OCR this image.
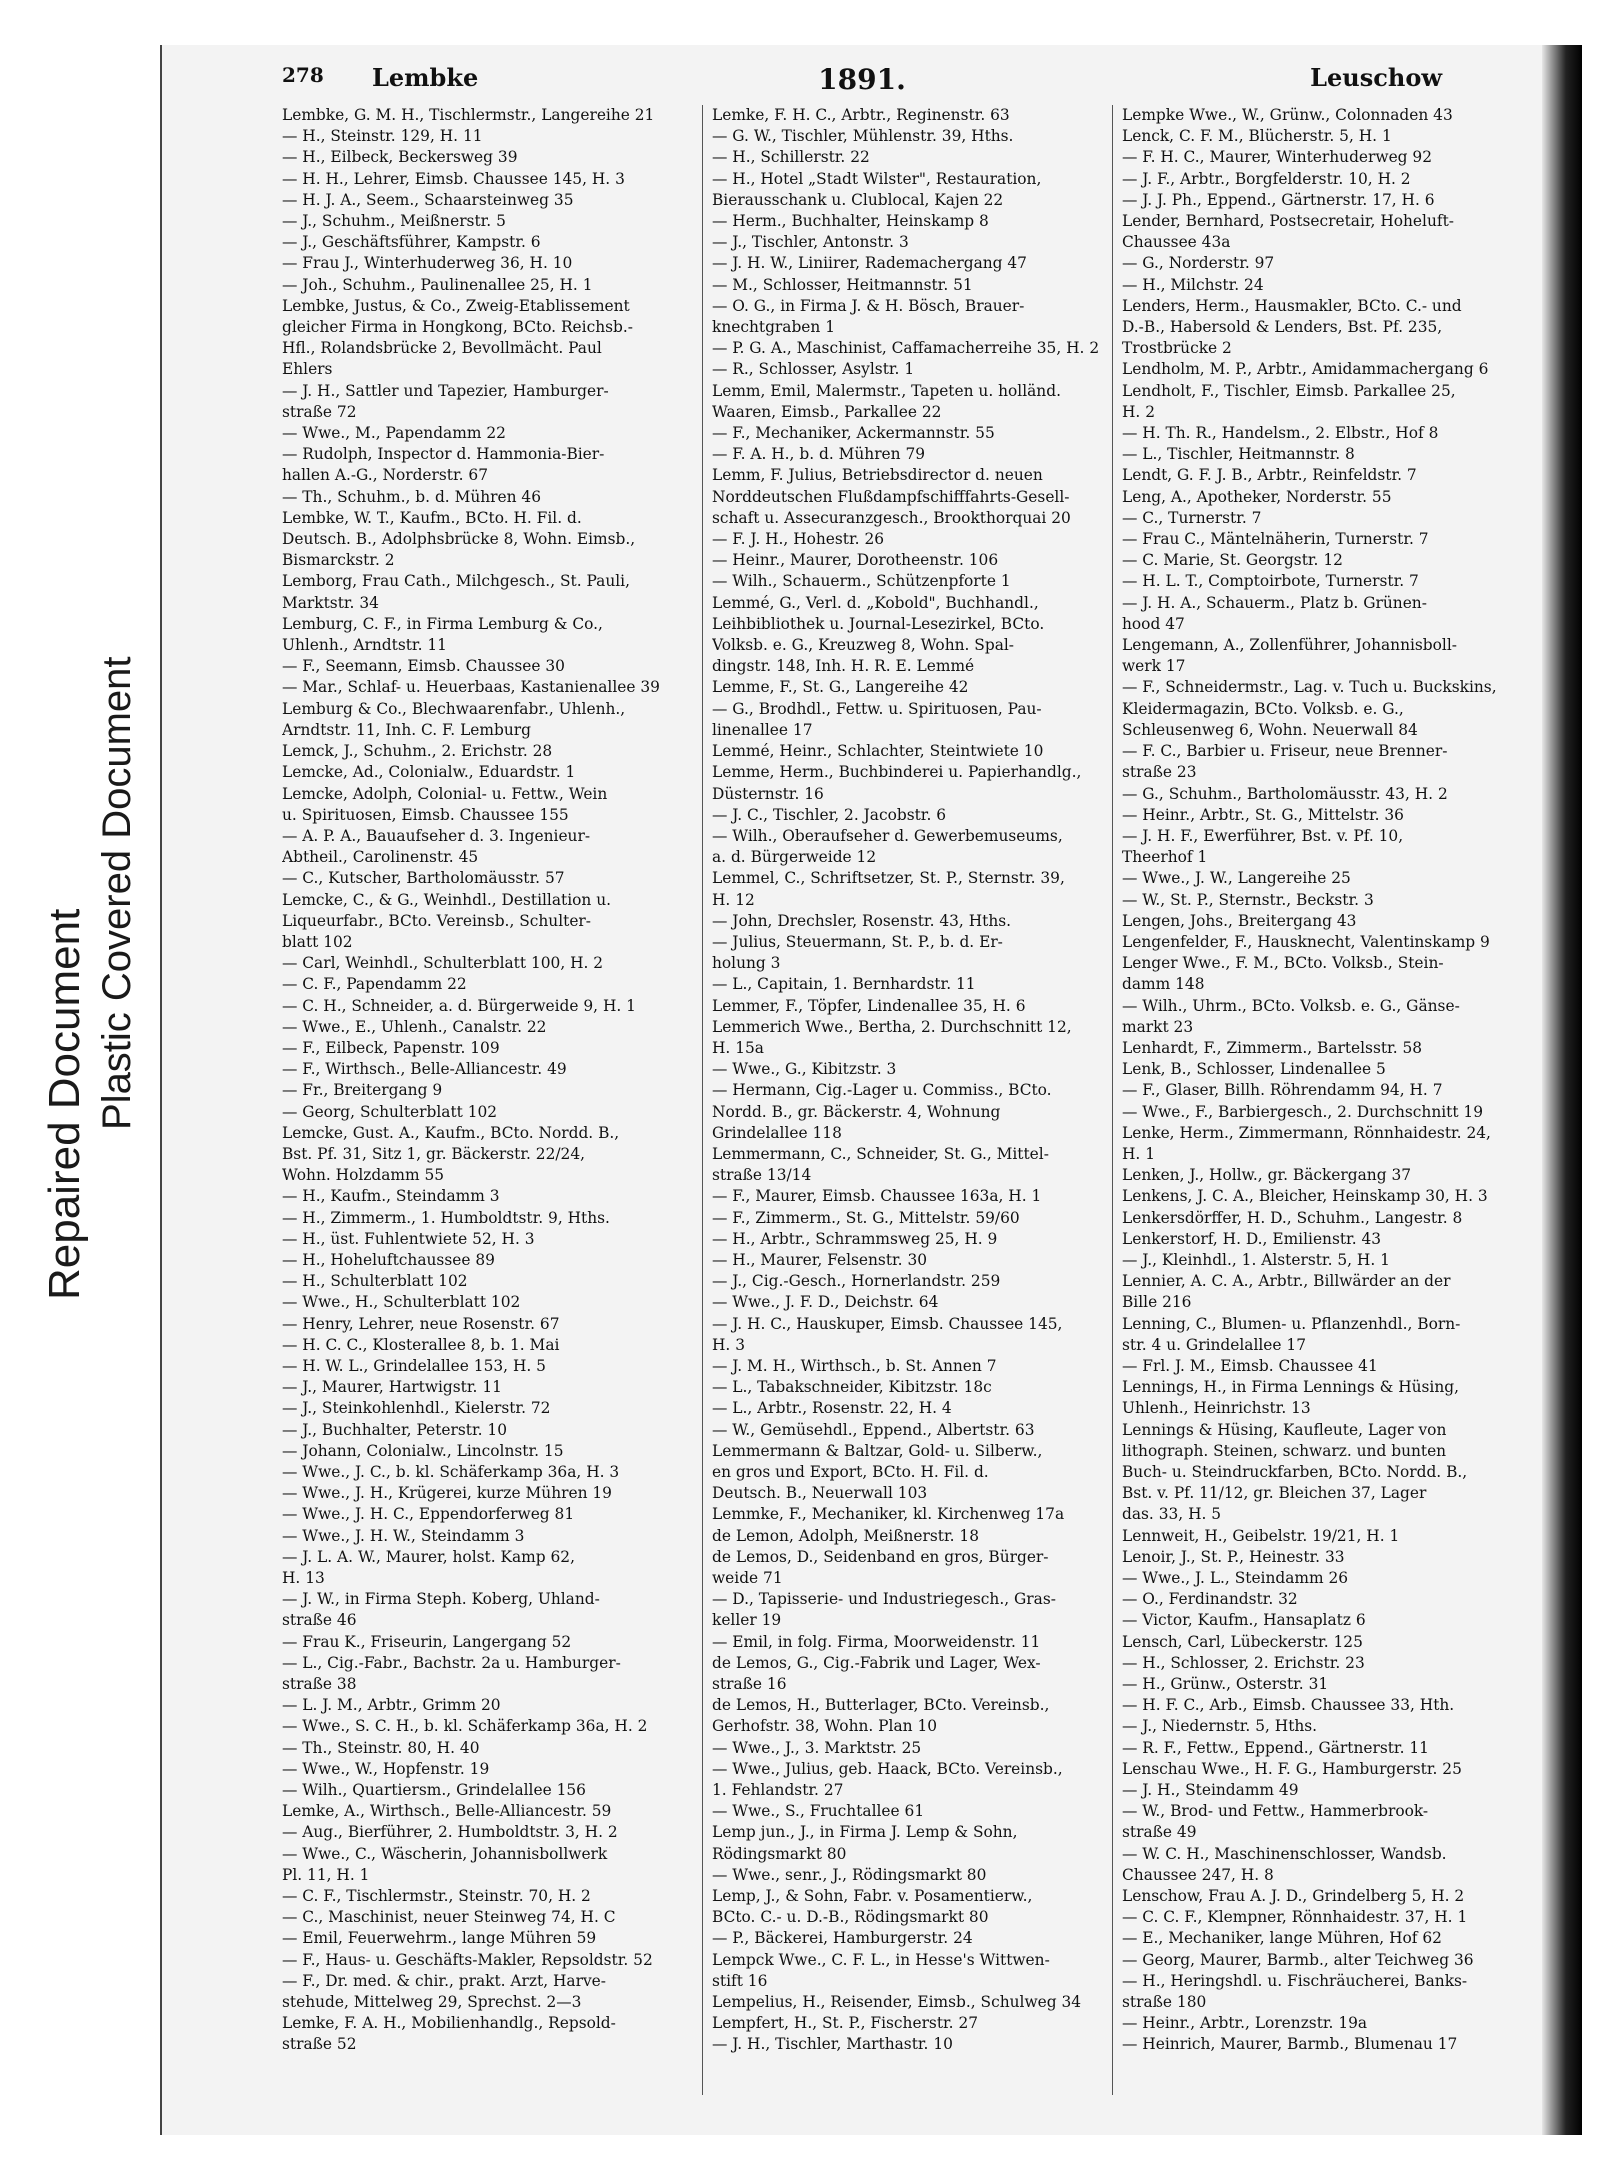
Repaired Document Plastic Covered Document
278 Lembke	1891.	Leuschow
Lembke, G. M. H., Tischlermstr., Langereihe 21
— H., Steinstr. 129, H. 11
— H., Eilbeck, Beckersweg 39
— H. H., Lehrer, Eimsb. Chaussee 145, H. 3
— H. J. A., Seem., Schaarsteinweg 35
— J., Schuhm., Meißnerstr. 5
— J., Geschäftsführer, Kampstr. 6
— Frau J., Winterhuderweg 36, H. 10
— Joh., Schuhm., Paulinenallee 25, H. 1
Lembke, Justus, & Co., Zweig-Etablissement
gleicher Firma in Hongkong, BCto. Reichsb.-
Hfl., Rolandsbrücke 2, Bevollmächt. Paul
Ehlers
— J. H., Sattler und Tapezier, Hamburger-
straße 72
— Wwe., M., Papendamm 22
— Rudolph, Inspector d. Hammonia-Bier-
hallen A.-G., Norderstr. 67
— Th., Schuhm., b. d. Mühren 46
Lembke, W. T., Kaufm., BCto. H. Fil. d.
Deutsch. B., Adolphsbrücke 8, Wohn. Eimsb.,
Bismarckstr. 2
Lemborg, Frau Cath., Milchgesch., St. Pauli,
Marktstr. 34
Lemburg, C. F., in Firma Lemburg & Co.,
Uhlenh., Arndtstr. 11
— F., Seemann, Eimsb. Chaussee 30
— Mar., Schlaf- u. Heuerbaas, Kastanienallee 39
Lemburg & Co., Blechwaarenfabr., Uhlenh.,
Arndtstr. 11, Inh. C. F. Lemburg
Lemck, J., Schuhm., 2. Erichstr. 28
Lemcke, Ad., Colonialw., Eduardstr. 1
Lemcke, Adolph, Colonial- u. Fettw., Wein
u. Spirituosen, Eimsb. Chaussee 155
— A. P. A., Bauaufseher d. 3. Ingenieur-
Abtheil., Carolinenstr. 45
— C., Kutscher, Bartholomäusstr. 57
Lemcke, C., & G., Weinhdl., Destillation u.
Liqueurfabr., BCto. Vereinsb., Schulter-
blatt 102
— Carl, Weinhdl., Schulterblatt 100, H. 2
— C. F., Papendamm 22
— C. H., Schneider, a. d. Bürgerweide 9, H. 1
— Wwe., E., Uhlenh., Canalstr. 22
— F., Eilbeck, Papenstr. 109
— F., Wirthsch., Belle-Alliancestr. 49
— Fr., Breitergang 9
— Georg, Schulterblatt 102
Lemcke, Gust. A., Kaufm., BCto. Nordd. B.,
Bst. Pf. 31, Sitz 1, gr. Bäckerstr. 22/24,
Wohn. Holzdamm 55
— H., Kaufm., Steindamm 3
— H., Zimmerm., 1. Humboldtstr. 9, Hths.
— H., üst. Fuhlentwiete 52, H. 3
— H., Hoheluftchaussee 89
— H., Schulterblatt 102
— Wwe., H., Schulterblatt 102
— Henry, Lehrer, neue Rosenstr. 67
— H. C. C., Klosterallee 8, b. 1. Mai
— H. W. L., Grindelallee 153, H. 5
— J., Maurer, Hartwigstr. 11
— J., Steinkohlenhdl., Kielerstr. 72
— J., Buchhalter, Peterstr. 10
— Johann, Colonialw., Lincolnstr. 15
— Wwe., J. C., b. kl. Schäferkamp 36a, H. 3
— Wwe., J. H., Krügerei, kurze Mühren 19
— Wwe., J. H. C., Eppendorferweg 81
— Wwe., J. H. W., Steindamm 3
— J. L. A. W., Maurer, holst. Kamp 62,
H. 13
— J. W., in Firma Steph. Koberg, Uhland-
straße 46
— Frau K., Friseurin, Langergang 52
— L., Cig.-Fabr., Bachstr. 2a u. Hamburger-
straße 38
— L. J. M., Arbtr., Grimm 20
— Wwe., S. C. H., b. kl. Schäferkamp 36a, H. 2
— Th., Steinstr. 80, H. 40
— Wwe., W., Hopfenstr. 19
— Wilh., Quartiersm., Grindelallee 156
Lemke, A., Wirthsch., Belle-Alliancestr. 59
— Aug., Bierführer, 2. Humboldtstr. 3, H. 2
— Wwe., C., Wäscherin, Johannisbollwerk
Pl. 11, H. 1
— C. F., Tischlermstr., Steinstr. 70, H. 2
— C., Maschinist, neuer Steinweg 74, H. C
— Emil, Feuerwehrm., lange Mühren 59
— F., Haus- u. Geschäfts-Makler, Repsoldstr. 52
— F., Dr. med. & chir., prakt. Arzt, Harve-
stehude, Mittelweg 29, Sprechst. 2—3
Lemke, F. A. H., Mobilienhandlg., Repsold-
straße 52
Lemke, F. H. C., Arbtr., Reginenstr. 63
— G. W., Tischler, Mühlenstr. 39, Hths.
— H., Schillerstr. 22
— H., Hotel „Stadt Wilster", Restauration,
Bierausschank u. Clublocal, Kajen 22
— Herm., Buchhalter, Heinskamp 8
— J., Tischler, Antonstr. 3
— J. H. W., Liniirer, Rademachergang 47
— M., Schlosser, Heitmannstr. 51
— O. G., in Firma J. & H. Bösch, Brauer-
knechtgraben 1
— P. G. A., Maschinist, Caffamacherreihe 35, H. 2
— R., Schlosser, Asylstr. 1
Lemm, Emil, Malermstr., Tapeten u. holländ.
Waaren, Eimsb., Parkallee 22
— F., Mechaniker, Ackermannstr. 55
— F. A. H., b. d. Mühren 79
Lemm, F. Julius, Betriebsdirector d. neuen
Norddeutschen Flußdampfschifffahrts-Gesell-
schaft u. Assecuranzgesch., Brookthorquai 20
— F. J. H., Hohestr. 26
— Heinr., Maurer, Dorotheenstr. 106
— Wilh., Schauerm., Schützenpforte 1
Lemmé, G., Verl. d. „Kobold", Buchhandl.,
Leihbibliothek u. Journal-Lesezirkel, BCto.
Volksb. e. G., Kreuzweg 8, Wohn. Spal-
dingstr. 148, Inh. H. R. E. Lemmé
Lemme, F., St. G., Langereihe 42
— G., Brodhdl., Fettw. u. Spirituosen, Pau-
linenallee 17
Lemmé, Heinr., Schlachter, Steintwiete 10
Lemme, Herm., Buchbinderei u. Papierhandlg.,
Düsternstr. 16
— J. C., Tischler, 2. Jacobstr. 6
— Wilh., Oberaufseher d. Gewerbemuseums,
a. d. Bürgerweide 12
Lemmel, C., Schriftsetzer, St. P., Sternstr. 39,
H. 12
— John, Drechsler, Rosenstr. 43, Hths.
— Julius, Steuermann, St. P., b. d. Er-
holung 3
— L., Capitain, 1. Bernhardstr. 11
Lemmer, F., Töpfer, Lindenallee 35, H. 6
Lemmerich Wwe., Bertha, 2. Durchschnitt 12,
H. 15a
— Wwe., G., Kibitzstr. 3
— Hermann, Cig.-Lager u. Commiss., BCto.
Nordd. B., gr. Bäckerstr. 4, Wohnung
Grindelallee 118
Lemmermann, C., Schneider, St. G., Mittel-
straße 13/14
— F., Maurer, Eimsb. Chaussee 163a, H. 1
— F., Zimmerm., St. G., Mittelstr. 59/60
— H., Arbtr., Schrammsweg 25, H. 9
— H., Maurer, Felsenstr. 30
— J., Cig.-Gesch., Hornerlandstr. 259
— Wwe., J. F. D., Deichstr. 64
— J. H. C., Hauskuper, Eimsb. Chaussee 145,
H. 3
— J. M. H., Wirthsch., b. St. Annen 7
— L., Tabakschneider, Kibitzstr. 18c
— L., Arbtr., Rosenstr. 22, H. 4
— W., Gemüsehdl., Eppend., Albertstr. 63
Lemmermann & Baltzar, Gold- u. Silberw.,
en gros und Export, BCto. H. Fil. d.
Deutsch. B., Neuerwall 103
Lemmke, F., Mechaniker, kl. Kirchenweg 17a
de Lemon, Adolph, Meißnerstr. 18
de Lemos, D., Seidenband en gros, Bürger-
weide 71
— D., Tapisserie- und Industriegesch., Gras-
keller 19
— Emil, in folg. Firma, Moorweidenstr. 11
de Lemos, G., Cig.-Fabrik und Lager, Wex-
straße 16
de Lemos, H., Butterlager, BCto. Vereinsb.,
Gerhofstr. 38, Wohn. Plan 10
— Wwe., J., 3. Marktstr. 25
— Wwe., Julius, geb. Haack, BCto. Vereinsb.,
1. Fehlandstr. 27
— Wwe., S., Fruchtallee 61
Lemp jun., J., in Firma J. Lemp & Sohn,
Rödingsmarkt 80
— Wwe., senr., J., Rödingsmarkt 80
Lemp, J., & Sohn, Fabr. v. Posamentierw.,
BCto. C.- u. D.-B., Rödingsmarkt 80
— P., Bäckerei, Hamburgerstr. 24
Lempck Wwe., C. F. L., in Hesse's Wittwen-
stift 16
Lempelius, H., Reisender, Eimsb., Schulweg 34
Lempfert, H., St. P., Fischerstr. 27
— J. H., Tischler, Marthastr. 10
Lempke Wwe., W., Grünw., Colonnaden 43
Lenck, C. F. M., Blücherstr. 5, H. 1
— F. H. C., Maurer, Winterhuderweg 92
— J. F., Arbtr., Borgfelderstr. 10, H. 2
— J. J. Ph., Eppend., Gärtnerstr. 17, H. 6
Lender, Bernhard, Postsecretair, Hoheluft-
Chaussee 43a
— G., Norderstr. 97
— H., Milchstr. 24
Lenders, Herm., Hausmakler, BCto. C.- und
D.-B., Habersold & Lenders, Bst. Pf. 235,
Trostbrücke 2
Lendholm, M. P., Arbtr., Amidammachergang 6
Lendholt, F., Tischler, Eimsb. Parkallee 25,
H. 2
— H. Th. R., Handelsm., 2. Elbstr., Hof 8
— L., Tischler, Heitmannstr. 8
Lendt, G. F. J. B., Arbtr., Reinfeldstr. 7
Leng, A., Apotheker, Norderstr. 55
— C., Turnerstr. 7
— Frau C., Mäntelnäherin, Turnerstr. 7
— C. Marie, St. Georgstr. 12
— H. L. T., Comptoirbote, Turnerstr. 7
— J. H. A., Schauerm., Platz b. Grünen-
hood 47
Lengemann, A., Zollenführer, Johannisboll-
werk 17
— F., Schneidermstr., Lag. v. Tuch u. Buckskins,
Kleidermagazin, BCto. Volksb. e. G.,
Schleusenweg 6, Wohn. Neuerwall 84
— F. C., Barbier u. Friseur, neue Brenner-
straße 23
— G., Schuhm., Bartholomäusstr. 43, H. 2
— Heinr., Arbtr., St. G., Mittelstr. 36
— J. H. F., Ewerführer, Bst. v. Pf. 10,
Theerhof 1
— Wwe., J. W., Langereihe 25
— W., St. P., Sternstr., Beckstr. 3
Lengen, Johs., Breitergang 43
Lengenfelder, F., Hausknecht, Valentinskamp 9
Lenger Wwe., F. M., BCto. Volksb., Stein-
damm 148
— Wilh., Uhrm., BCto. Volksb. e. G., Gänse-
markt 23
Lenhardt, F., Zimmerm., Bartelsstr. 58
Lenk, B., Schlosser, Lindenallee 5
— F., Glaser, Billh. Röhrendamm 94, H. 7
— Wwe., F., Barbiergesch., 2. Durchschnitt 19
Lenke, Herm., Zimmermann, Rönnhaidestr. 24,
H. 1
Lenken, J., Hollw., gr. Bäckergang 37
Lenkens, J. C. A., Bleicher, Heinskamp 30, H. 3
Lenkersdörffer, H. D., Schuhm., Langestr. 8
Lenkerstorf, H. D., Emilienstr. 43
— J., Kleinhdl., 1. Alsterstr. 5, H. 1
Lennier, A. C. A., Arbtr., Billwärder an der
Bille 216
Lenning, C., Blumen- u. Pflanzenhdl., Born-
str. 4 u. Grindelallee 17
— Frl. J. M., Eimsb. Chaussee 41
Lennings, H., in Firma Lennings & Hüsing,
Uhlenh., Heinrichstr. 13
Lennings & Hüsing, Kaufleute, Lager von
lithograph. Steinen, schwarz. und bunten
Buch- u. Steindruckfarben, BCto. Nordd. B.,
Bst. v. Pf. 11/12, gr. Bleichen 37, Lager
das. 33, H. 5
Lennweit, H., Geibelstr. 19/21, H. 1
Lenoir, J., St. P., Heinestr. 33
— Wwe., J. L., Steindamm 26
— O., Ferdinandstr. 32
— Victor, Kaufm., Hansaplatz 6
Lensch, Carl, Lübeckerstr. 125
— H., Schlosser, 2. Erichstr. 23
— H., Grünw., Osterstr. 31
— H. F. C., Arb., Eimsb. Chaussee 33, Hth.
— J., Niedernstr. 5, Hths.
— R. F., Fettw., Eppend., Gärtnerstr. 11
Lenschau Wwe., H. F. G., Hamburgerstr. 25
— J. H., Steindamm 49
— W., Brod- und Fettw., Hammerbrook-
straße 49
— W. C. H., Maschinenschlosser, Wandsb.
Chaussee 247, H. 8
Lenschow, Frau A. J. D., Grindelberg 5, H. 2
— C. C. F., Klempner, Rönnhaidestr. 37, H. 1
— E., Mechaniker, lange Mühren, Hof 62
— Georg, Maurer, Barmb., alter Teichweg 36
— H., Heringshdl. u. Fischräucherei, Banks-
straße 180
— Heinr., Arbtr., Lorenzstr. 19a
— Heinrich, Maurer, Barmb., Blumenau 17
